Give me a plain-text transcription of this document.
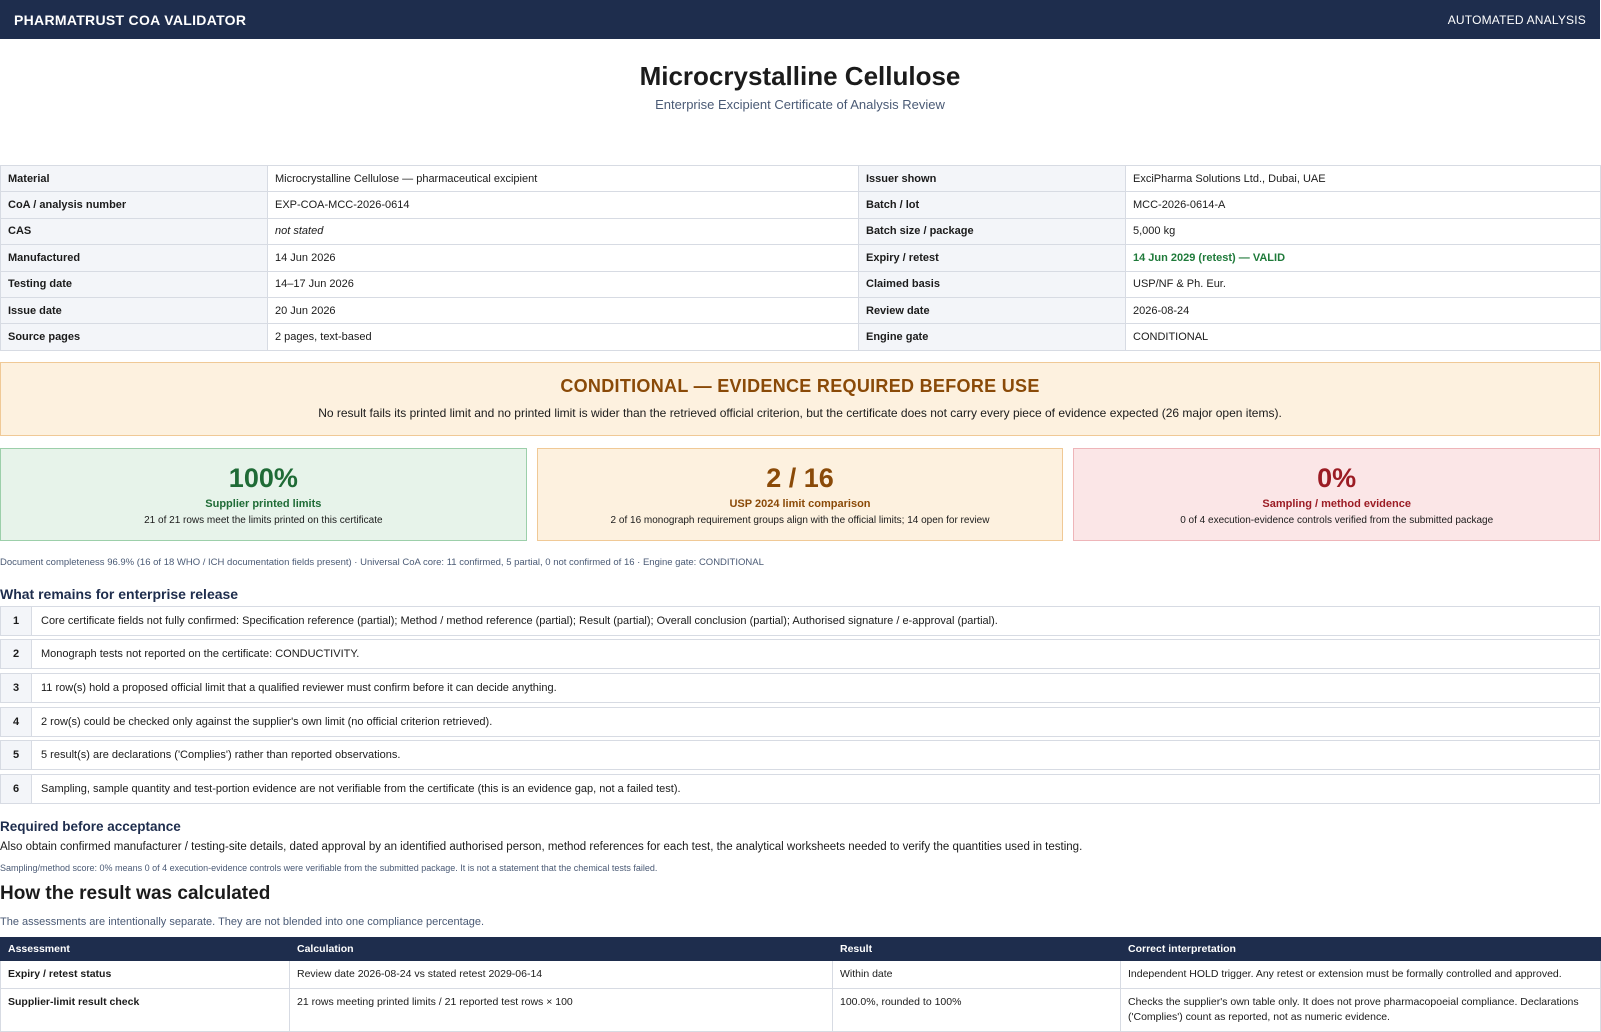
PHARMATRUST COA VALIDATOR	AUTOMATED ANALYSIS
Microcrystalline Cellulose
Enterprise Excipient Certificate of Analysis Review
Material	Microcrystalline Cellulose — pharmaceutical excipient	Issuer shown	ExciPharma Solutions Ltd., Dubai, UAE
CoA / analysis number	EXP-COA-MCC-2026-0614	Batch / lot	MCC-2026-0614-A
CAS	not stated	Batch size / package	5,000 kg
Manufactured	14 Jun 2026	Expiry / retest	14 Jun 2029 (retest) — VALID
Testing date	14–17 Jun 2026	Claimed basis	USP/NF & Ph. Eur.
Issue date	20 Jun 2026	Review date	2026-08-24
Source pages	2 pages, text-based	Engine gate	CONDITIONAL
CONDITIONAL — EVIDENCE REQUIRED BEFORE USE
No result fails its printed limit and no printed limit is wider than the retrieved official criterion, but the certificate does not carry every piece of evidence expected (26 major open items).
100%
Supplier printed limits
21 of 21 rows meet the limits printed on this certificate
2 / 16
USP 2024 limit comparison
2 of 16 monograph requirement groups align with the official limits; 14 open for review
0%
Sampling / method evidence
0 of 4 execution-evidence controls verified from the submitted package
Document completeness 96.9% (16 of 18 WHO / ICH documentation fields present) · Universal CoA core: 11 confirmed, 5 partial, 0 not confirmed of 16 · Engine gate: CONDITIONAL
What remains for enterprise release
1	Core certificate fields not fully confirmed: Specification reference (partial); Method / method reference (partial); Result (partial); Overall conclusion (partial); Authorised signature / e-approval (partial).
2	Monograph tests not reported on the certificate: CONDUCTIVITY.
3	11 row(s) hold a proposed official limit that a qualified reviewer must confirm before it can decide anything.
4	2 row(s) could be checked only against the supplier's own limit (no official criterion retrieved).
5	5 result(s) are declarations ('Complies') rather than reported observations.
6	Sampling, sample quantity and test-portion evidence are not verifiable from the certificate (this is an evidence gap, not a failed test).
Required before acceptance
Also obtain confirmed manufacturer / testing-site details, dated approval by an identified authorised person, method references for each test, the analytical worksheets needed to verify the quantities used in testing.
Sampling/method score: 0% means 0 of 4 execution-evidence controls were verifiable from the submitted package. It is not a statement that the chemical tests failed.
How the result was calculated
The assessments are intentionally separate. They are not blended into one compliance percentage.
Assessment	Calculation	Result	Correct interpretation
Expiry / retest status	Review date 2026-08-24 vs stated retest 2029-06-14	Within date	Independent HOLD trigger. Any retest or extension must be formally controlled and approved.
Supplier-limit result check	21 rows meeting printed limits / 21 reported test rows × 100	100.0%, rounded to 100%	Checks the supplier's own table only. It does not prove pharmacopoeial compliance. Declarations ('Complies') count as reported, not as numeric evidence.
